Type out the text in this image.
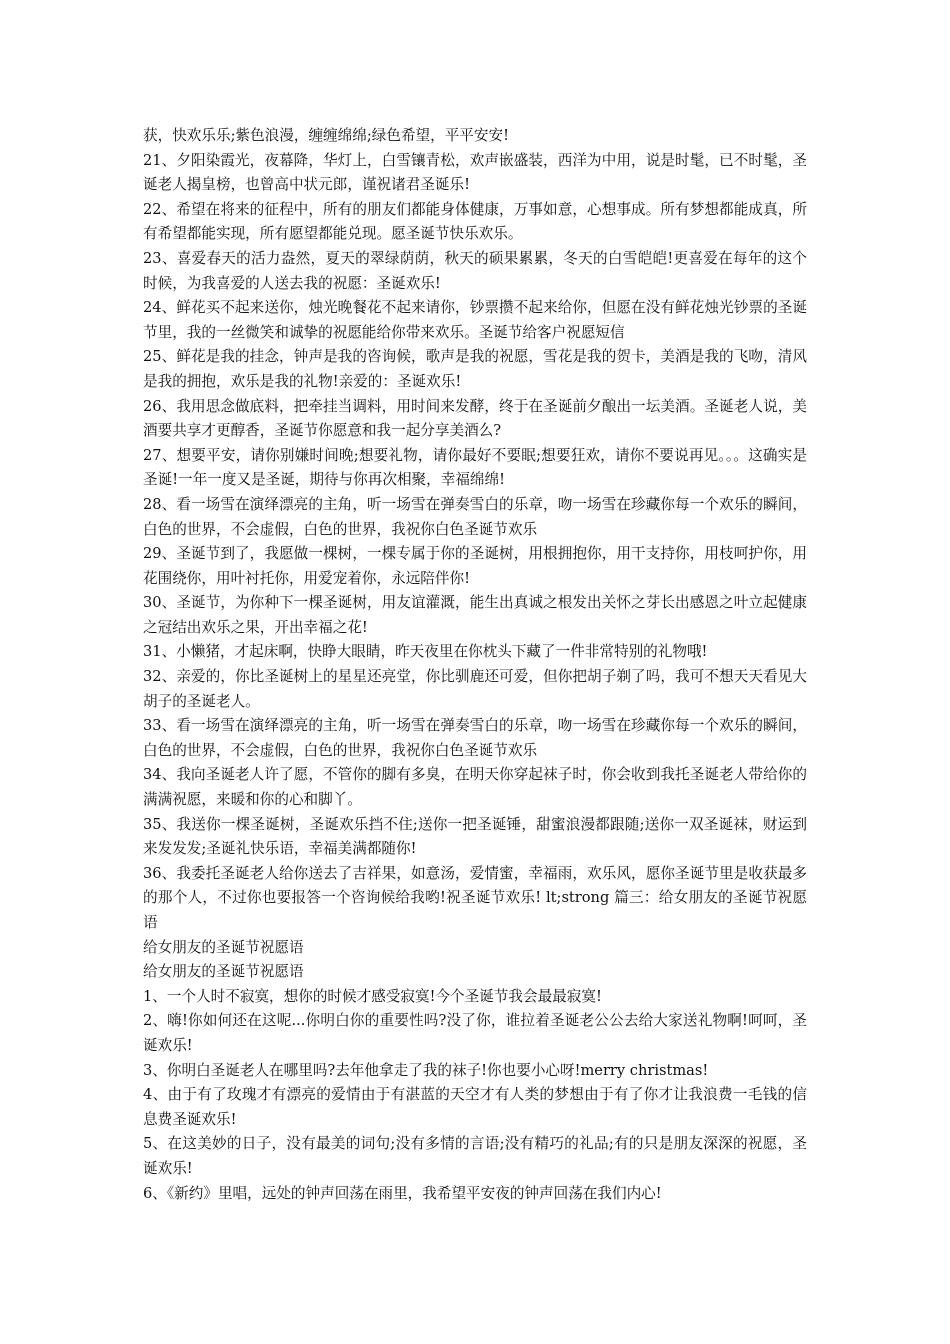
获，快欢乐乐;紫色浪漫，缠缠绵绵;绿色希望，平平安安!

21、夕阳染霞光，夜幕降，华灯上，白雪镶青松，欢声嵌盛装，西洋为中用，说是时髦，已不时髦，圣诞老人揭皇榜，也曾高中状元郎，谨祝诸君圣诞乐!

22、希望在将来的征程中，所有的朋友们都能身体健康，万事如意，心想事成。所有梦想都能成真，所有希望都能实现，所有愿望都能兑现。愿圣诞节快乐欢乐。

23、喜爱春天的活力盎然，夏天的翠绿荫荫，秋天的硕果累累，冬天的白雪皑皑!更喜爱在每年的这个时候，为我喜爱的人送去我的祝愿：圣诞欢乐!

24、鲜花买不起来送你，烛光晚餐花不起来请你，钞票攒不起来给你，但愿在没有鲜花烛光钞票的圣诞节里，我的一丝微笑和诚挚的祝愿能给你带来欢乐。圣诞节给客户祝愿短信

25、鲜花是我的挂念，钟声是我的咨询候，歌声是我的祝愿，雪花是我的贺卡，美酒是我的飞吻，清风是我的拥抱，欢乐是我的礼物!亲爱的：圣诞欢乐!

26、我用思念做底料，把牵挂当调料，用时间来发酵，终于在圣诞前夕酿出一坛美酒。圣诞老人说，美酒要共享才更醇香，圣诞节你愿意和我一起分享美酒么?

27、想要平安，请你别嫌时间晚;想要礼物，请你最好不要眠;想要狂欢，请你不要说再见。。。这确实是圣诞!一年一度又是圣诞，期待与你再次相聚，幸福绵绵!

28、看一场雪在演绎漂亮的主角，听一场雪在弹奏雪白的乐章，吻一场雪在珍藏你每一个欢乐的瞬间，白色的世界，不会虚假，白色的世界，我祝你白色圣诞节欢乐

29、圣诞节到了，我愿做一棵树，一棵专属于你的圣诞树，用根拥抱你，用干支持你，用枝呵护你，用花围绕你，用叶衬托你，用爱宠着你，永远陪伴你!

30、圣诞节，为你种下一棵圣诞树，用友谊灌溉，能生出真诚之根发出关怀之芽长出感恩之叶立起健康之冠结出欢乐之果，开出幸福之花!

31、小懒猪，才起床啊，快睁大眼睛，昨天夜里在你枕头下藏了一件非常特别的礼物哦!

32、亲爱的，你比圣诞树上的星星还亮堂，你比驯鹿还可爱，但你把胡子剃了吗，我可不想天天看见大胡子的圣诞老人。

33、看一场雪在演绎漂亮的主角，听一场雪在弹奏雪白的乐章，吻一场雪在珍藏你每一个欢乐的瞬间，白色的世界，不会虚假，白色的世界，我祝你白色圣诞节欢乐

34、我向圣诞老人许了愿，不管你的脚有多臭，在明天你穿起袜子时，你会收到我托圣诞老人带给你的满满祝愿，来暖和你的心和脚丫。

35、我送你一棵圣诞树，圣诞欢乐挡不住;送你一把圣诞锤，甜蜜浪漫都跟随;送你一双圣诞袜，财运到来发发发;圣诞礼快乐语，幸福美满都随你!

36、我委托圣诞老人给你送去了吉祥果，如意汤，爱情蜜，幸福雨，欢乐风，愿你圣诞节里是收获最多的那个人，不过你也要报答一个咨询候给我哟!祝圣诞节欢乐! lt;strong 篇三：给女朋友的圣诞节祝愿语

给女朋友的圣诞节祝愿语

给女朋友的圣诞节祝愿语

1、一个人时不寂寞，想你的时候才感受寂寞!今个圣诞节我会最最寂寞!

2、嗨!你如何还在这呢...你明白你的重要性吗?没了你，谁拉着圣诞老公公去给大家送礼物啊!呵呵，圣诞欢乐!

3、你明白圣诞老人在哪里吗?去年他拿走了我的袜子!你也要小心呀!merry christmas!

4、由于有了玫瑰才有漂亮的爱情由于有湛蓝的天空才有人类的梦想由于有了你才让我浪费一毛钱的信息费圣诞欢乐!

5、在这美妙的日子，没有最美的词句;没有多情的言语;没有精巧的礼品;有的只是朋友深深的祝愿，圣诞欢乐!

6、《新约》里唱，远处的钟声回荡在雨里，我希望平安夜的钟声回荡在我们内心!
